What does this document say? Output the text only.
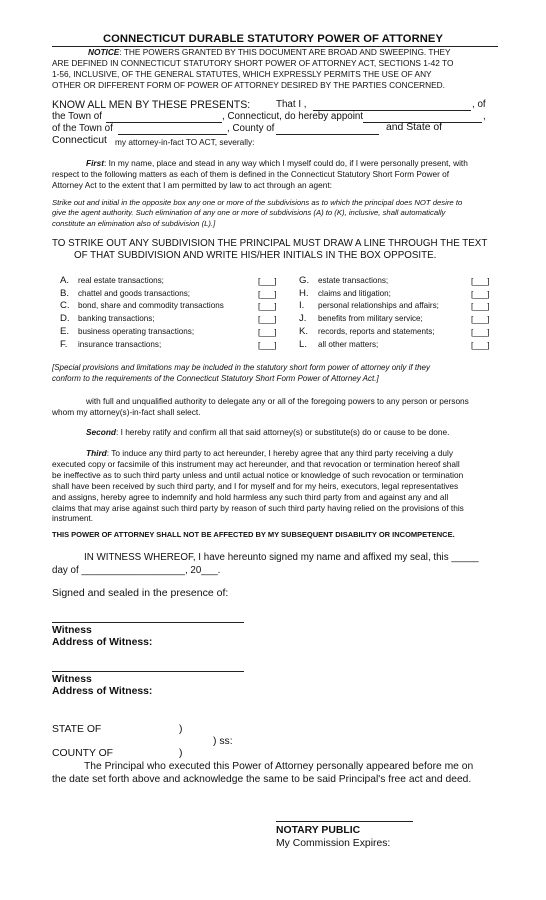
CONNECTICUT DURABLE STATUTORY POWER OF ATTORNEY
NOTICE: THE POWERS GRANTED BY THIS DOCUMENT ARE BROAD AND SWEEPING. THEY
ARE DEFINED IN CONNECTICUT STATUTORY SHORT POWER OF ATTORNEY ACT, SECTIONS 1-42 TO
1-56, INCLUSIVE, OF THE GENERAL STATUTES, WHICH EXPRESSLY PERMITS THE USE OF ANY
OTHER OR DIFFERENT FORM OF POWER OF ATTORNEY DESIRED BY THE PARTIES CONCERNED.
KNOW ALL MEN BY THESE PRESENTS:	That I ,	, of
the Town of	, Connecticut, do hereby appoint	,
of the Town of	, County of	and State of
Connecticut my attorney-in-fact TO ACT, severally:
First: In my name, place and stead in any way which I myself could do, if I were personally present, with
respect to the following matters as each of them is defined in the Connecticut Statutory Short Form Power of
Attorney Act to the extent that I am permitted by law to act through an agent:
Strike out and initial in the opposite box any one or more of the subdivisions as to which the principal does NOT desire to
give the agent authority. Such elimination of any one or more of subdivisions (A) to (K), inclusive, shall automatically
constitute an elimination also of subdivision (L).]
TO STRIKE OUT ANY SUBDIVISION THE PRINCIPAL MUST DRAW A LINE THROUGH THE TEXT
OF THAT SUBDIVISION AND WRITE HIS/HER INITIALS IN THE BOX OPPOSITE.
A. real estate transactions;	[___]
B. chattel and goods transactions;	[___]
C. bond, share and commodity transactions	[___]
D. banking transactions;	[___]
E. business operating transactions;	[___]
F. insurance transactions;	[___]
G. estate transactions;	[___]
H. claims and litigation;	[___]
I. personal relationships and affairs;	[___]
J. benefits from military service;	[___]
K. records, reports and statements;	[___]
L. all other matters;	[___]
[Special provisions and limitations may be included in the statutory short form power of attorney only if they
conform to the requirements of the Connecticut Statutory Short Form Power of Attorney Act.]
with full and unqualified authority to delegate any or all of the foregoing powers to any person or persons
whom my attorney(s)-in-fact shall select.
Second: I hereby ratify and confirm all that said attorney(s) or substitute(s) do or cause to be done.
Third: To induce any third party to act hereunder, I hereby agree that any third party receiving a duly
executed copy or facsimile of this instrument may act hereunder, and that revocation or termination hereof shall
be ineffective as to such third party unless and until actual notice or knowledge of such revocation or termination
shall have been received by such third party, and I for myself and for my heirs, executors, legal representatives
and assigns, hereby agree to indemnify and hold harmless any such third party from and against any and all
claims that may arise against such third party by reason of such third party having relied on the provisions of this
instrument.
THIS POWER OF ATTORNEY SHALL NOT BE AFFECTED BY MY SUBSEQUENT DISABILITY OR INCOMPETENCE.
IN WITNESS WHEREOF, I have hereunto signed my name and affixed my seal, this _____
day of ___________________, 20___.
Signed and sealed in the presence of:
Witness
Address of Witness:
Witness
Address of Witness:
STATE OF	)
) ss:
COUNTY OF	)
The Principal who executed this Power of Attorney personally appeared before me on
the date set forth above and acknowledge the same to be said Principal's free act and deed.
NOTARY PUBLIC
My Commission Expires:
